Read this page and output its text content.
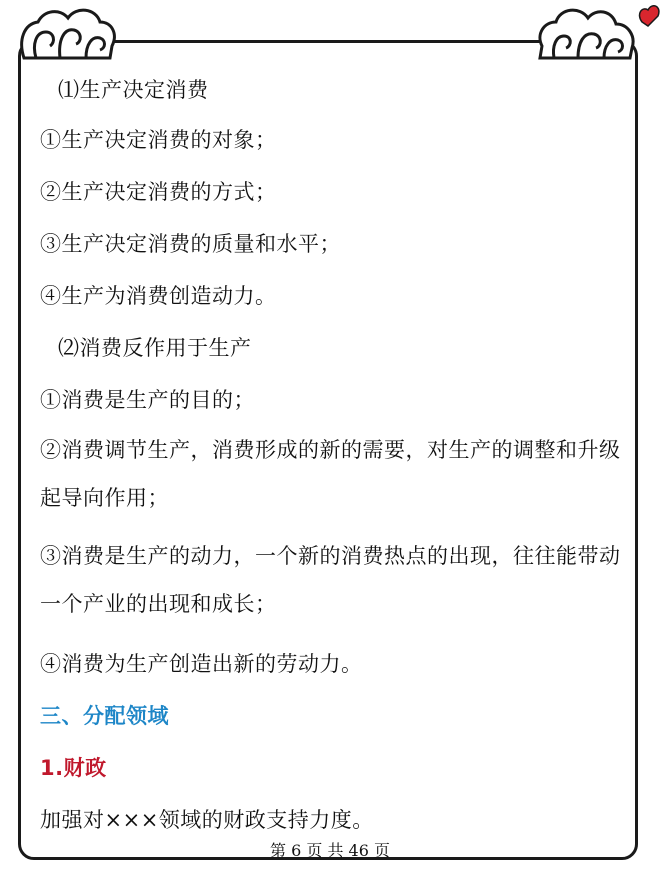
⑴生产决定消费
①生产决定消费的对象；
②生产决定消费的方式；
③生产决定消费的质量和水平；
④生产为消费创造动力。
⑵消费反作用于生产
①消费是生产的目的；
②消费调节生产，消费形成的新的需要，对生产的调整和升级起导向作用；
③消费是生产的动力，一个新的消费热点的出现，往往能带动一个产业的出现和成长；
④消费为生产创造出新的劳动力。
三、分配领域
1.财政
加强对×××领域的财政支持力度。
第 6 页 共 46 页
